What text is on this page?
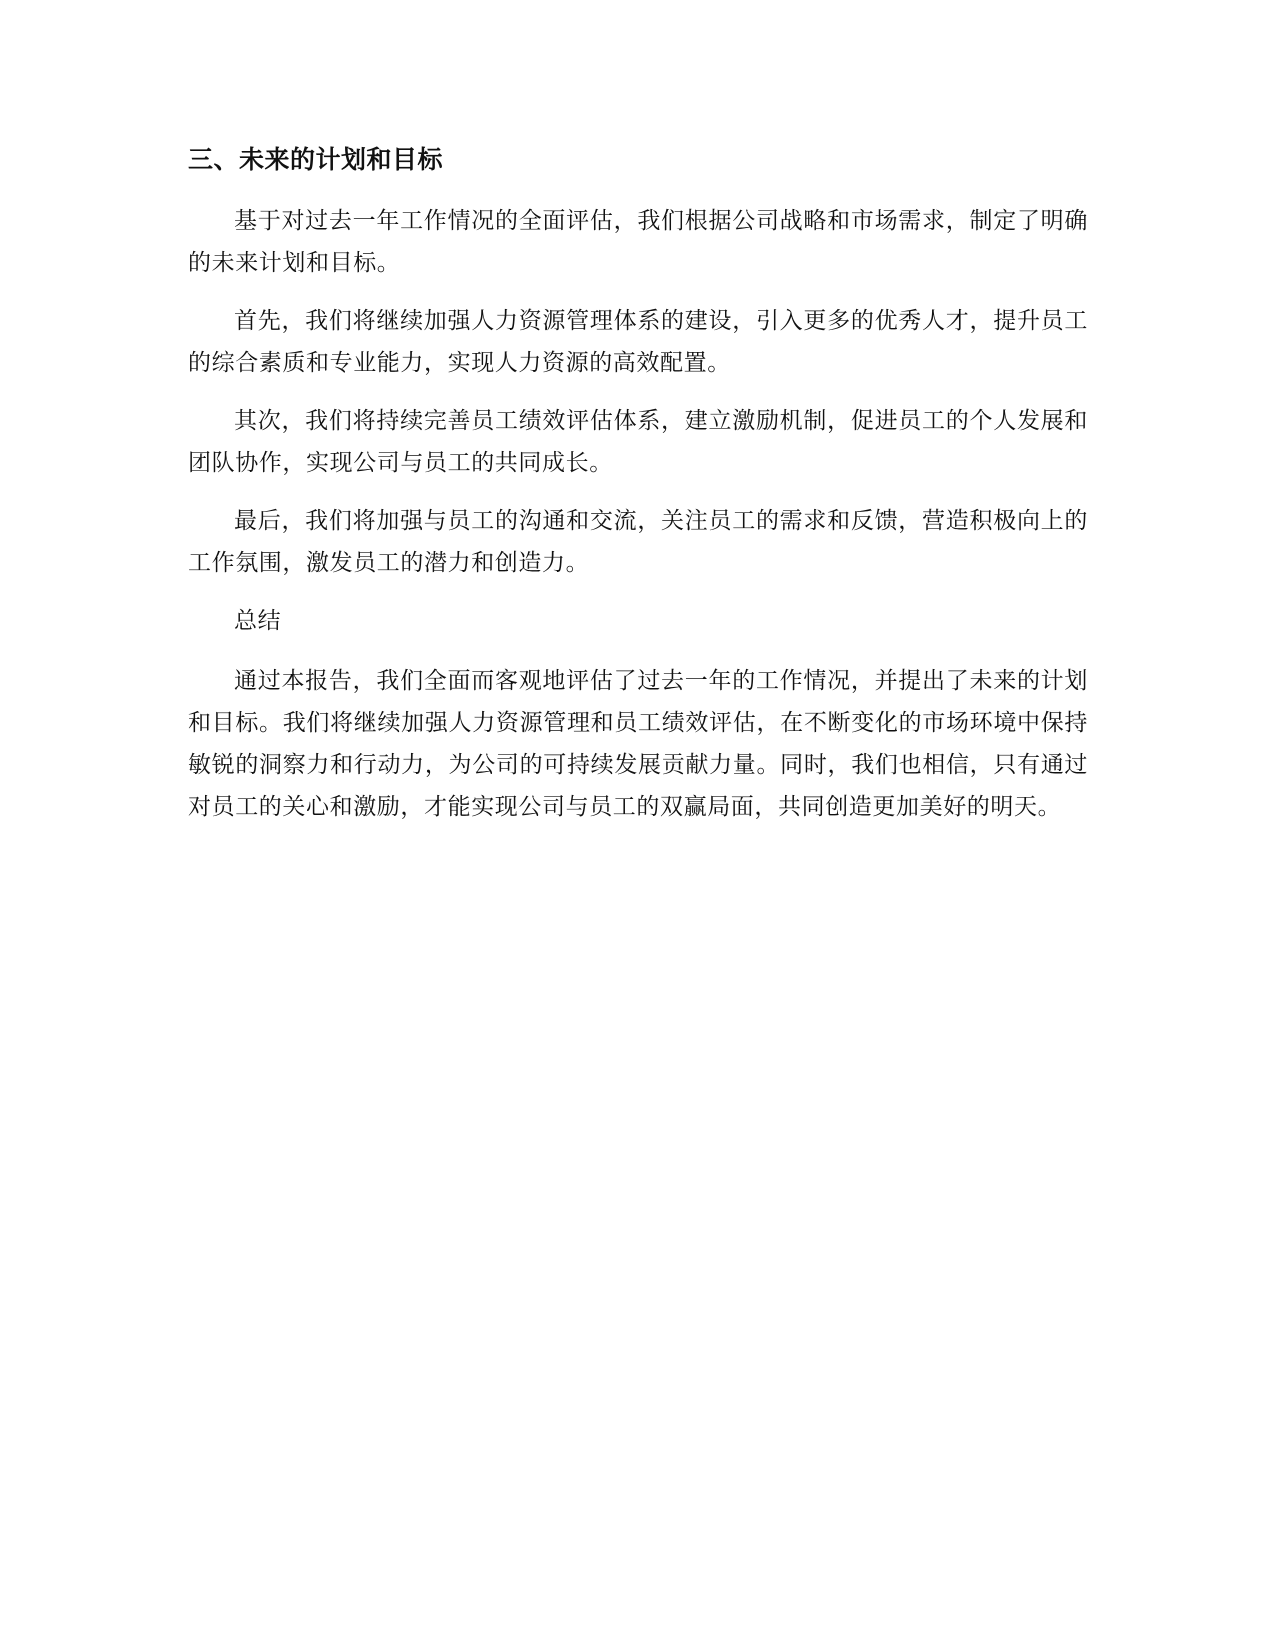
三、未来的计划和目标

基于对过去一年工作情况的全面评估，我们根据公司战略和市场需求，制定了明确的未来计划和目标。

首先，我们将继续加强人力资源管理体系的建设，引入更多的优秀人才，提升员工的综合素质和专业能力，实现人力资源的高效配置。

其次，我们将持续完善员工绩效评估体系，建立激励机制，促进员工的个人发展和团队协作，实现公司与员工的共同成长。

最后，我们将加强与员工的沟通和交流，关注员工的需求和反馈，营造积极向上的工作氛围，激发员工的潜力和创造力。

总结

通过本报告，我们全面而客观地评估了过去一年的工作情况，并提出了未来的计划和目标。我们将继续加强人力资源管理和员工绩效评估，在不断变化的市场环境中保持敏锐的洞察力和行动力，为公司的可持续发展贡献力量。同时，我们也相信，只有通过对员工的关心和激励，才能实现公司与员工的双赢局面，共同创造更加美好的明天。
